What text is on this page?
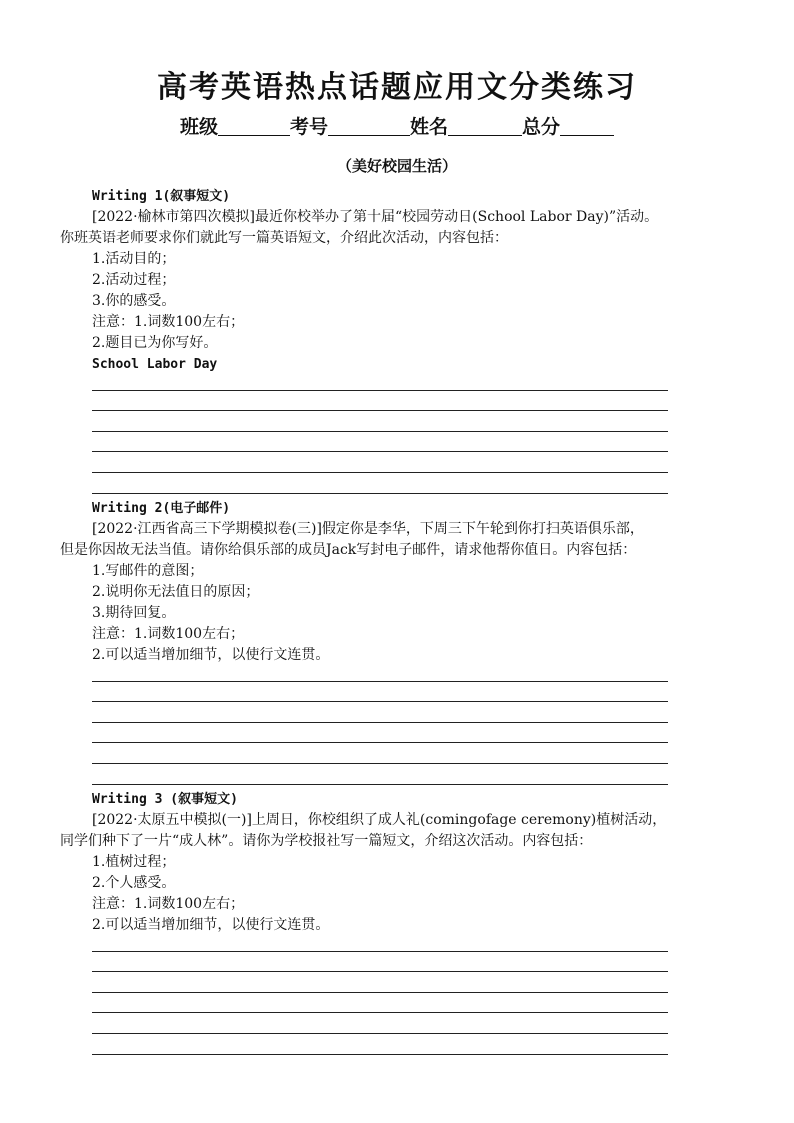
高考英语热点话题应用文分类练习
班级	考号	姓名	总分
（美好校园生活）
Writing 1(叙事短文)
[2022·榆林市第四次模拟]最近你校举办了第十届“校园劳动日(School Labor Day)”活动。
你班英语老师要求你们就此写一篇英语短文，介绍此次活动，内容包括：
1.活动目的；
2.活动过程；
3.你的感受。
注意：1.词数100左右；
2.题目已为你写好。
School Labor Day
Writing 2(电子邮件)
[2022·江西省高三下学期模拟卷(三)]假定你是李华，下周三下午轮到你打扫英语俱乐部，
但是你因故无法当值。请你给俱乐部的成员Jack写封电子邮件，请求他帮你值日。内容包括：
1.写邮件的意图；
2.说明你无法值日的原因；
3.期待回复。
注意：1.词数100左右；
2.可以适当增加细节，以使行文连贯。
Writing 3 (叙事短文)
[2022·太原五中模拟(一)]上周日，你校组织了成人礼(comingofage ceremony)植树活动，
同学们种下了一片“成人林”。请你为学校报社写一篇短文，介绍这次活动。内容包括：
1.植树过程；
2.个人感受。
注意：1.词数100左右；
2.可以适当增加细节，以使行文连贯。
